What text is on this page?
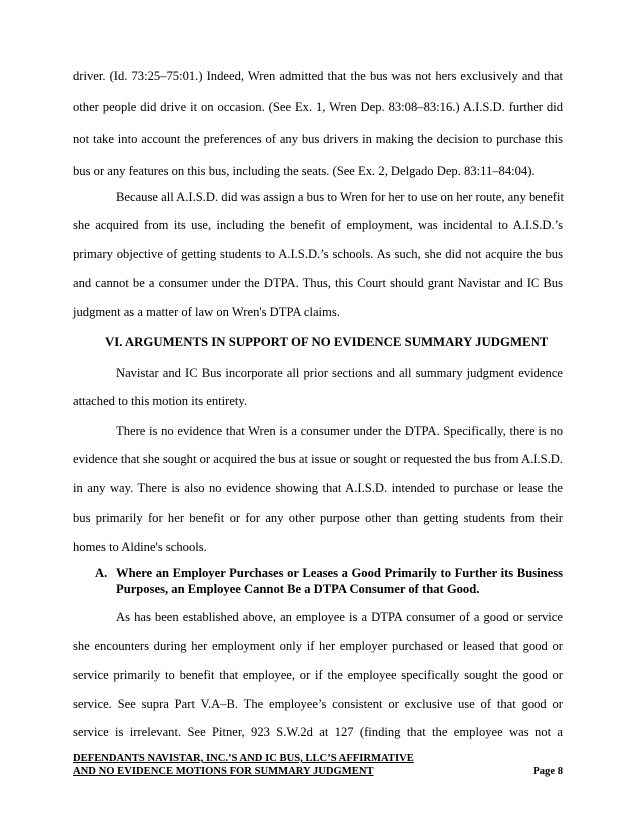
driver. (Id. 73:25–75:01.) Indeed, Wren admitted that the bus was not hers exclusively and that
other people did drive it on occasion. (See Ex. 1, Wren Dep. 83:08–83:16.) A.I.S.D. further did
not take into account the preferences of any bus drivers in making the decision to purchase this
bus or any features on this bus, including the seats. (See Ex. 2, Delgado Dep. 83:11–84:04).
Because all A.I.S.D. did was assign a bus to Wren for her to use on her route, any benefit
she acquired from its use, including the benefit of employment, was incidental to A.I.S.D.’s
primary objective of getting students to A.I.S.D.’s schools. As such, she did not acquire the bus
and cannot be a consumer under the DTPA. Thus, this Court should grant Navistar and IC Bus
judgment as a matter of law on Wren's DTPA claims.
VI. ARGUMENTS IN SUPPORT OF NO EVIDENCE SUMMARY JUDGMENT
Navistar and IC Bus incorporate all prior sections and all summary judgment evidence
attached to this motion its entirety.
There is no evidence that Wren is a consumer under the DTPA. Specifically, there is no
evidence that she sought or acquired the bus at issue or sought or requested the bus from A.I.S.D.
in any way. There is also no evidence showing that A.I.S.D. intended to purchase or lease the
bus primarily for her benefit or for any other purpose other than getting students from their
homes to Aldine's schools.
A. Where an Employer Purchases or Leases a Good Primarily to Further its Business
Purposes, an Employee Cannot Be a DTPA Consumer of that Good.
As has been established above, an employee is a DTPA consumer of a good or service
she encounters during her employment only if her employer purchased or leased that good or
service primarily to benefit that employee, or if the employee specifically sought the good or
service. See supra Part V.A–B. The employee’s consistent or exclusive use of that good or
service is irrelevant. See Pitner, 923 S.W.2d at 127 (finding that the employee was not a
DEFENDANTS NAVISTAR, INC.’S AND IC BUS, LLC’S AFFIRMATIVE
AND NO EVIDENCE MOTIONS FOR SUMMARY JUDGMENT	Page 8
